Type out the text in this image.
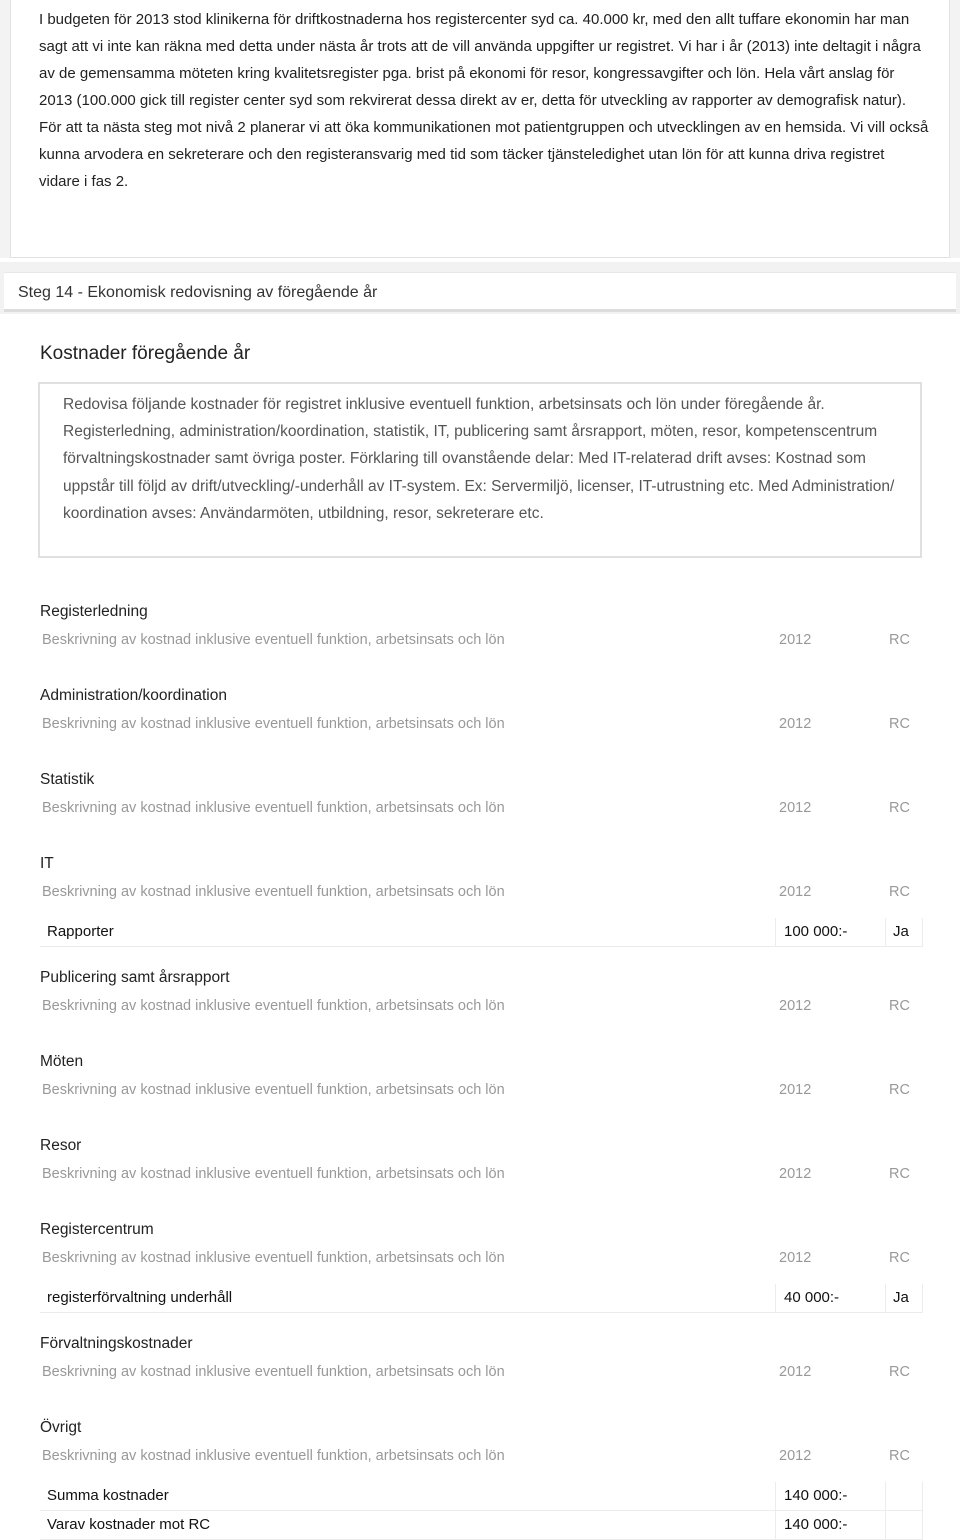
I budgeten för 2013 stod klinikerna för driftkostnaderna hos registercenter syd ca. 40.000 kr, med den allt tuffare ekonomin har man sagt att vi inte kan räkna med detta under nästa år trots att de vill använda uppgifter ur registret. Vi har i år (2013) inte deltagit i några av de gemensamma möteten kring kvalitetsregister pga. brist på ekonomi för resor, kongressavgifter och lön. Hela vårt anslag för 2013 (100.000 gick till register center syd som rekvirerat dessa direkt av er, detta för utveckling av rapporter av demografisk natur). För att ta nästa steg mot nivå 2 planerar vi att öka kommunikationen mot patientgruppen och utvecklingen av en hemsida. Vi vill också kunna arvodera en sekreterare och den registeransvarig med tid som täcker tjänsteledighet utan lön för att kunna driva registret vidare i fas 2.

Steg 14 - Ekonomisk redovisning av föregående år
Kostnader föregående år

Redovisa följande kostnader för registret inklusive eventuell funktion, arbetsinsats och lön under föregående år. Registerledning, administration/koordination, statistik, IT, publicering samt årsrapport, möten, resor, kompetenscentrum förvaltningskostnader samt övriga poster. Förklaring till ovanstående delar: Med IT-relaterad drift avses: Kostnad som uppstår till följd av drift/utveckling/-underhåll av IT-system. Ex: Servermiljö, licenser, IT-utrustning etc. Med Administration/ koordination avses: Användarmöten, utbildning, resor, sekreterare etc.

Registerledning
Beskrivning av kostnad inklusive eventuell funktion, arbetsinsats och lön	2012	RC
Administration/koordination
Beskrivning av kostnad inklusive eventuell funktion, arbetsinsats och lön	2012	RC
Statistik
Beskrivning av kostnad inklusive eventuell funktion, arbetsinsats och lön	2012	RC
IT
Beskrivning av kostnad inklusive eventuell funktion, arbetsinsats och lön	2012	RC
Rapporter	100 000:-	Ja
Publicering samt årsrapport
Beskrivning av kostnad inklusive eventuell funktion, arbetsinsats och lön	2012	RC
Möten
Beskrivning av kostnad inklusive eventuell funktion, arbetsinsats och lön	2012	RC
Resor
Beskrivning av kostnad inklusive eventuell funktion, arbetsinsats och lön	2012	RC
Registercentrum
Beskrivning av kostnad inklusive eventuell funktion, arbetsinsats och lön	2012	RC
registerförvaltning underhåll	40 000:-	Ja
Förvaltningskostnader
Beskrivning av kostnad inklusive eventuell funktion, arbetsinsats och lön	2012	RC
Övrigt
Beskrivning av kostnad inklusive eventuell funktion, arbetsinsats och lön	2012	RC
Summa kostnader	140 000:-
Varav kostnader mot RC	140 000:-
